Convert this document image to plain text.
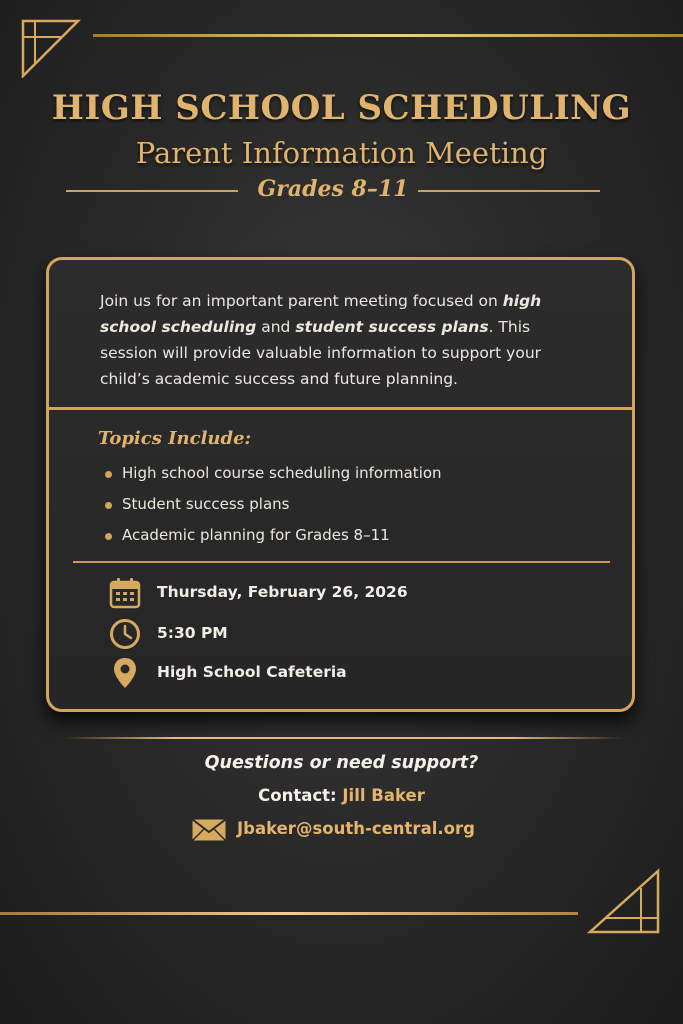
HIGH SCHOOL SCHEDULING
Parent Information Meeting
Grades 8–11
Join us for an important parent meeting focused on high school scheduling and student success plans. This session will provide valuable information to support your child’s academic success and future planning.
Topics Include:
High school course scheduling information
Student success plans
Academic planning for Grades 8–11
Thursday, February 26, 2026
5:30 PM
High School Cafeteria
Questions or need support?
Contact: Jill Baker
Jbaker@south-central.org
